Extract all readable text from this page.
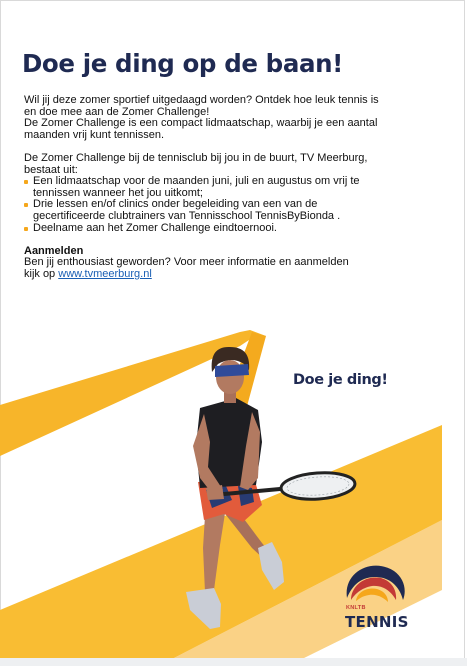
Doe je ding op de baan!

Wil jij deze zomer sportief uitgedaagd worden? Ontdek hoe leuk tennis is

en doe mee aan de Zomer Challenge!

De Zomer Challenge is een compact lidmaatschap, waarbij je een aantal

maanden vrij kunt tennissen.

De Zomer Challenge bij de tennisclub bij jou in de buurt, TV Meerburg,

bestaat uit:

Een lidmaatschap voor de maanden juni, juli en augustus om vrij te
tennissen wanneer het jou uitkomt;
Drie lessen en/of clinics onder begeleiding van een van de
gecertificeerde clubtrainers van Tennisschool TennisByBionda .
Deelname aan het Zomer Challenge eindtoernooi.

Aanmelden

Ben jij enthousiast geworden? Voor meer informatie en aanmelden

kijk op www.tvmeerburg.nl

Doe je ding!
KNLTB
TENNIS
